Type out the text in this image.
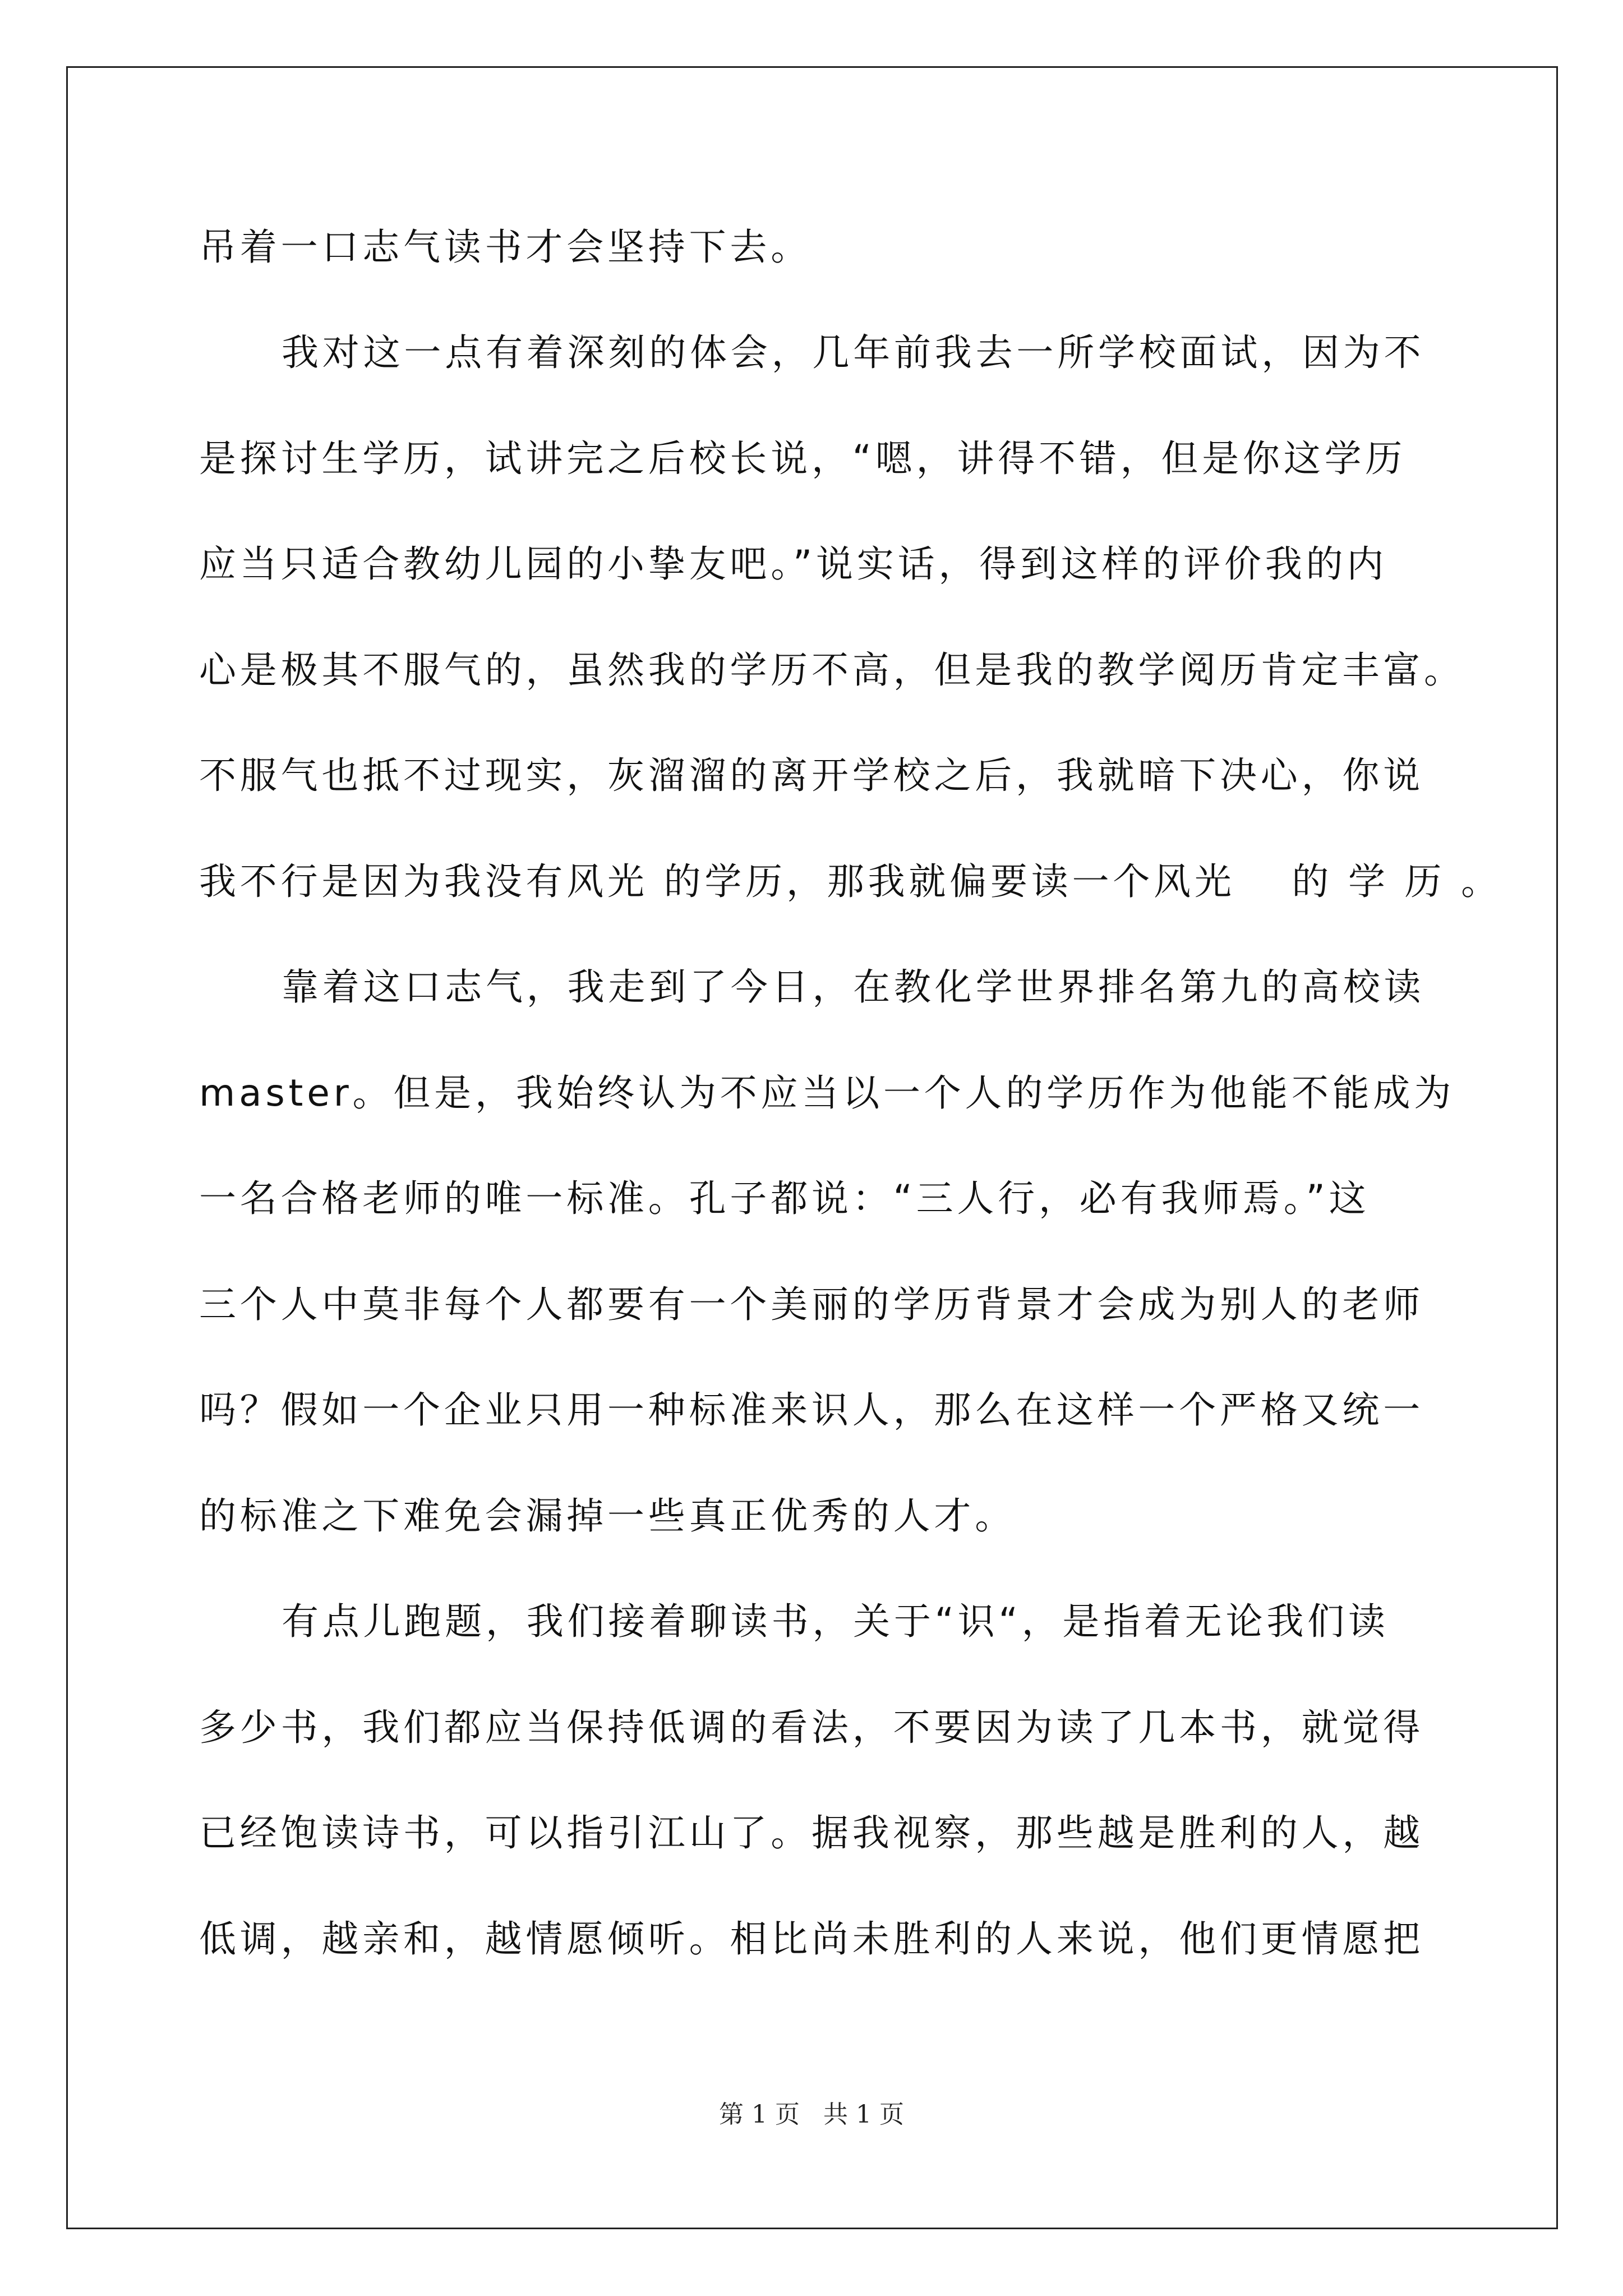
吊着一口志气读书才会坚持下去。
我对这一点有着深刻的体会，几年前我去一所学校面试，因为不
是探讨生学历，试讲完之后校长说，“嗯，讲得不错，但是你这学历
应当只适合教幼儿园的小挚友吧。”说实话，得到这样的评价我的内
心是极其不服气的，虽然我的学历不高，但是我的教学阅历肯定丰富。
不服气也抵不过现实，灰溜溜的离开学校之后，我就暗下决心，你说
我不行是因为我没有风光 的学历，那我就偏要读一个风光　 的 学 历 。
靠着这口志气，我走到了今日，在教化学世界排名第九的高校读
master。但是，我始终认为不应当以一个人的学历作为他能不能成为
一名合格老师的唯一标准。孔子都说：“三人行，必有我师焉。”这
三个人中莫非每个人都要有一个美丽的学历背景才会成为别人的老师
吗？假如一个企业只用一种标准来识人，那么在这样一个严格又统一
的标准之下难免会漏掉一些真正优秀的人才。
有点儿跑题，我们接着聊读书，关于“识“，是指着无论我们读
多少书，我们都应当保持低调的看法，不要因为读了几本书，就觉得
已经饱读诗书，可以指引江山了。据我视察，那些越是胜利的人，越
低调，越亲和，越情愿倾听。相比尚未胜利的人来说，他们更情愿把
第 1 页 共 1 页
